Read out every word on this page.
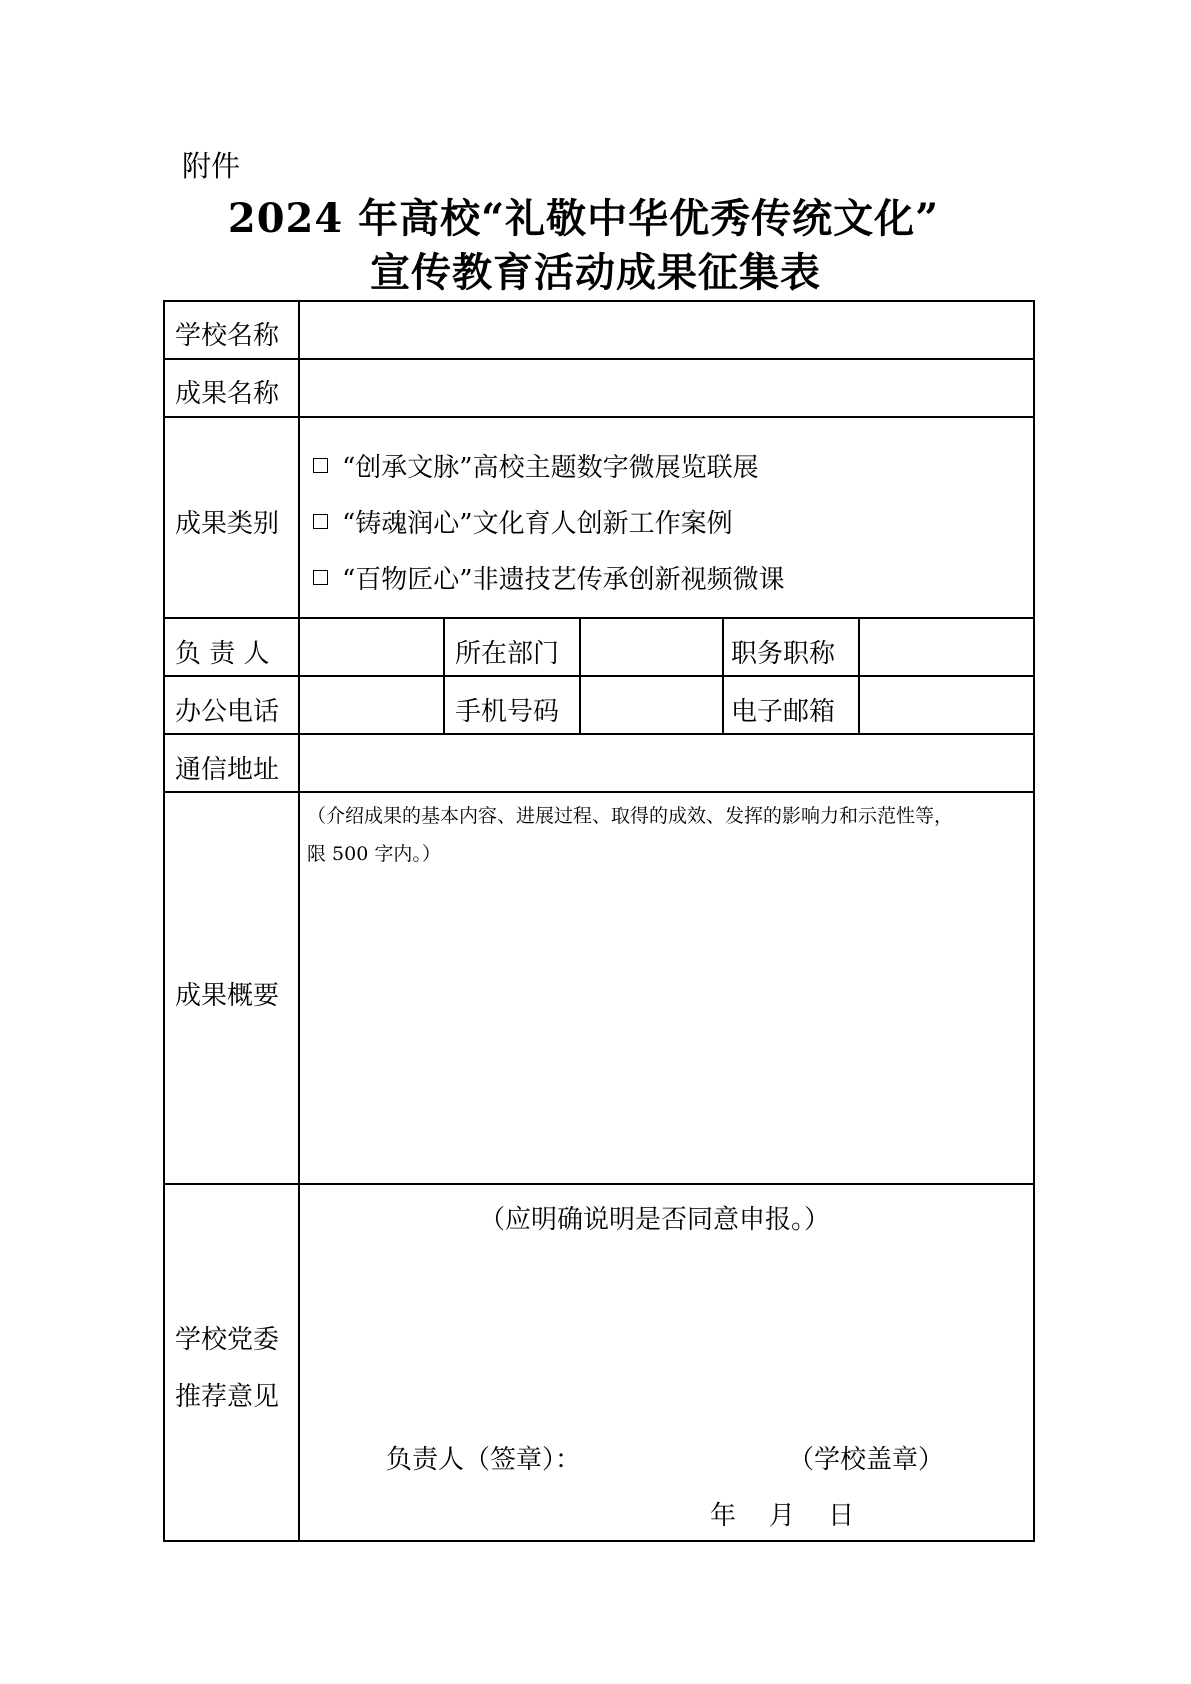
附件
2024 年高校“礼敬中华优秀传统文化”
宣传教育活动成果征集表
学校名称
成果名称
成果类别
“创承文脉”高校主题数字微展览联展
“铸魂润心”文化育人创新工作案例
“百物匠心”非遗技艺传承创新视频微课
负 责 人	所在部门	职务职称
办公电话	手机号码	电子邮箱
通信地址
成果概要
（介绍成果的基本内容、进展过程、取得的成效、发挥的影响力和示范性等，
限 500 字内。）
学校党委
推荐意见
（应明确说明是否同意申报。）
负责人（签章）：	（学校盖章）
年    月    日
